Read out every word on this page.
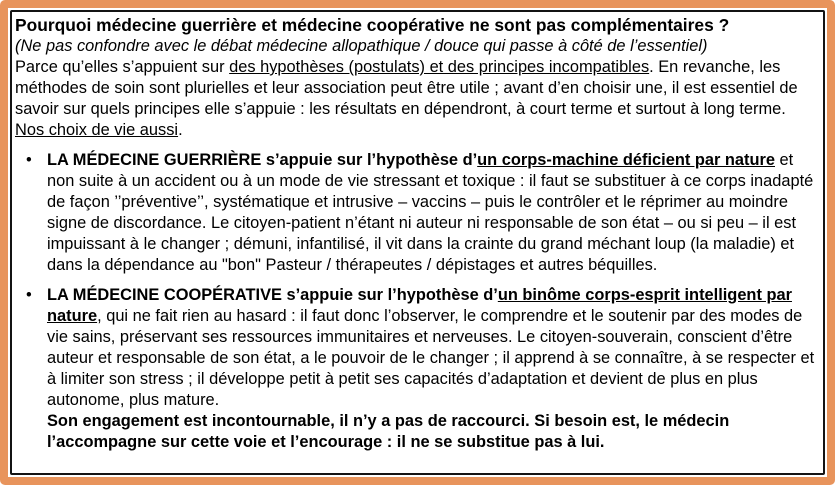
Pourquoi médecine guerrière et médecine coopérative ne sont pas complémentaires ?
(Ne pas confondre avec le débat médecine allopathique / douce qui passe à côté de l’essentiel)
Parce qu’elles s’appuient sur des hypothèses (postulats) et des principes incompatibles. En revanche, les méthodes de soin sont plurielles et leur association peut être utile ; avant d’en choisir une, il est essentiel de savoir sur quels principes elle s’appuie : les résultats en dépendront, à court terme et surtout à long terme. Nos choix de vie aussi.

• LA MÉDECINE GUERRIÈRE s’appuie sur l’hypothèse d’un corps-machine déficient par nature et non suite à un accident ou à un mode de vie stressant et toxique : il faut se substituer à ce corps inadapté de façon ’’préventive’’, systématique et intrusive – vaccins – puis le contrôler et le réprimer au moindre signe de discordance. Le citoyen-patient n’étant ni auteur ni responsable de son état – ou si peu – il est impuissant à le changer ; démuni, infantilisé, il vit dans la crainte du grand méchant loup (la maladie) et dans la dépendance au "bon" Pasteur / thérapeutes / dépistages et autres béquilles.
• LA MÉDECINE COOPÉRATIVE s’appuie sur l’hypothèse d’un binôme corps-esprit intelligent par nature, qui ne fait rien au hasard : il faut donc l’observer, le comprendre et le soutenir par des modes de vie sains, préservant ses ressources immunitaires et nerveuses. Le citoyen-souverain, conscient d’être auteur et responsable de son état, a le pouvoir de le changer ; il apprend à se connaître, à se respecter et à limiter son stress ; il développe petit à petit ses capacités d’adaptation et devient de plus en plus autonome, plus mature.
Son engagement est incontournable, il n’y a pas de raccourci. Si besoin est, le médecin l’accompagne sur cette voie et l’encourage : il ne se substitue pas à lui.
